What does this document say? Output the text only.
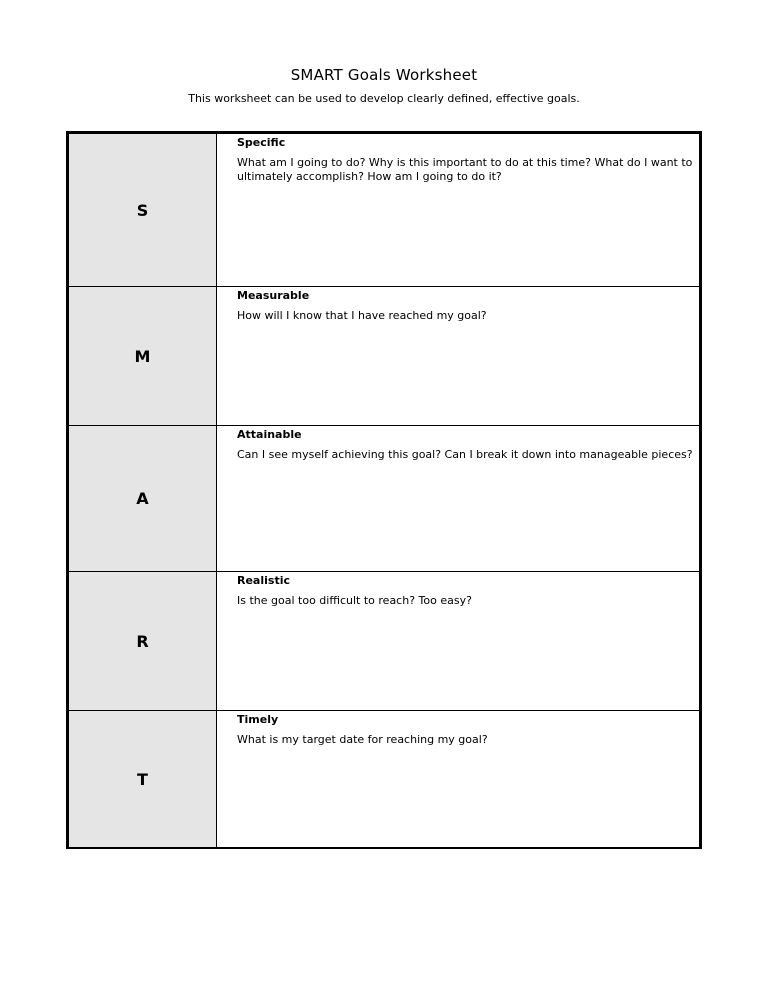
SMART Goals Worksheet
This worksheet can be used to develop clearly defined, effective goals.
S
Specific
What am I going to do? Why is this important to do at this time? What do I want to ultimately accomplish? How am I going to do it?
M
Measurable
How will I know that I have reached my goal?
A
Attainable
Can I see myself achieving this goal? Can I break it down into manageable pieces?
R
Realistic
Is the goal too difficult to reach? Too easy?
T
Timely
What is my target date for reaching my goal?
